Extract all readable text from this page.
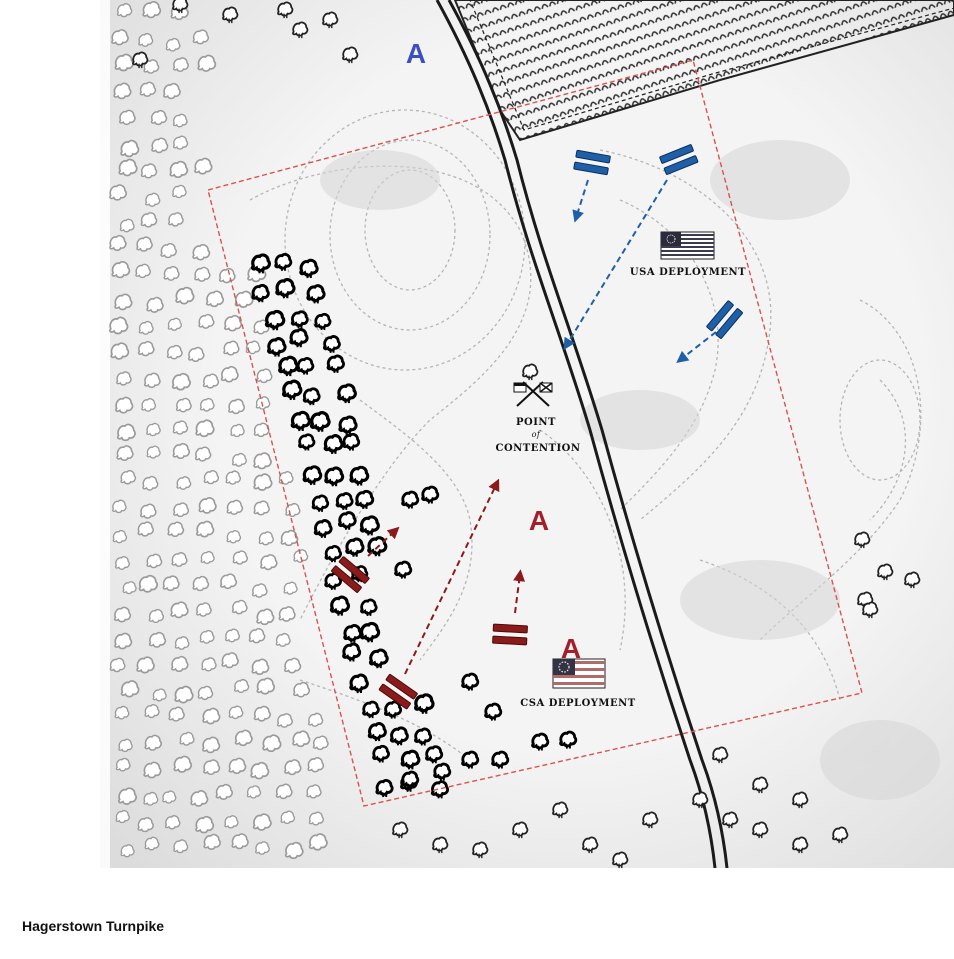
USA DEPLOYMENT
CSA DEPLOYMENT
POINT
of
CONTENTION
A
A
A

Hagerstown Turnpike
